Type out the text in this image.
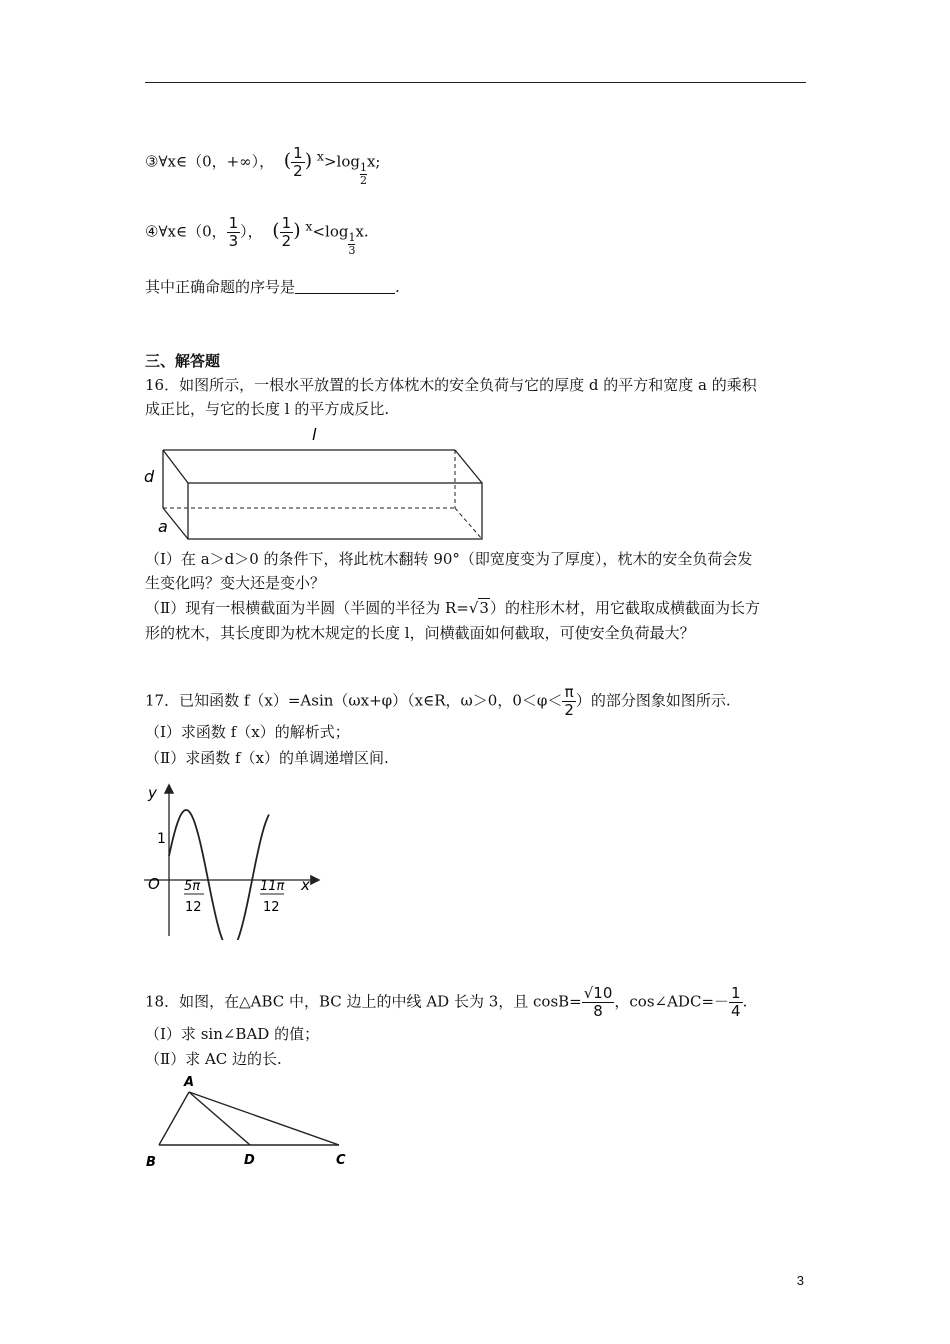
③∀x∈（0，+∞）， ( $\frac{1}{2}$ ) $^x>\log \frac{1}{2} x$;
④∀x∈（0， $\frac{1}{3}$ ）， ( $\frac{1}{2}$ ) $^x<\log \frac{1}{3} x$.
其中正确命题的序号是	.
三、解答题
16．如图所示，一根水平放置的长方体枕木的安全负荷与它的厚度 d 的平方和宽度 a 的乘积
成正比，与它的长度 l 的平方成反比.
l
d
a
（Ⅰ）在 a＞d＞0 的条件下，将此枕木翻转 90°（即宽度变为了厚度），枕木的安全负荷会发
生变化吗？变大还是变小？
（Ⅱ）现有一根横截面为半圆（半圆的半径为 R=√3）的柱形木材，用它截取成横截面为长方
形的枕木，其长度即为枕木规定的长度 l，问横截面如何截取，可使安全负荷最大？
17．已知函数 f（x）=Asin（ωx+φ）（x∈R，ω＞0，$0<\varphi< \frac{\pi}{2}$ ）的部分图象如图所示.
（Ⅰ）求函数 f（x）的解析式；
（Ⅱ）求函数 f（x）的单调递增区间.
y
x
O
1
5π
12
11π
12
18．如图，在△ABC 中，BC 边上的中线 AD 长为 3，且 $\cos B= \frac{√10}{8}$ ，cos∠ADC=－ $\frac{1}{4}$ .
（Ⅰ）求 sin∠BAD 的值；
（Ⅱ）求 AC 边的长.
A
B	D	C
3
